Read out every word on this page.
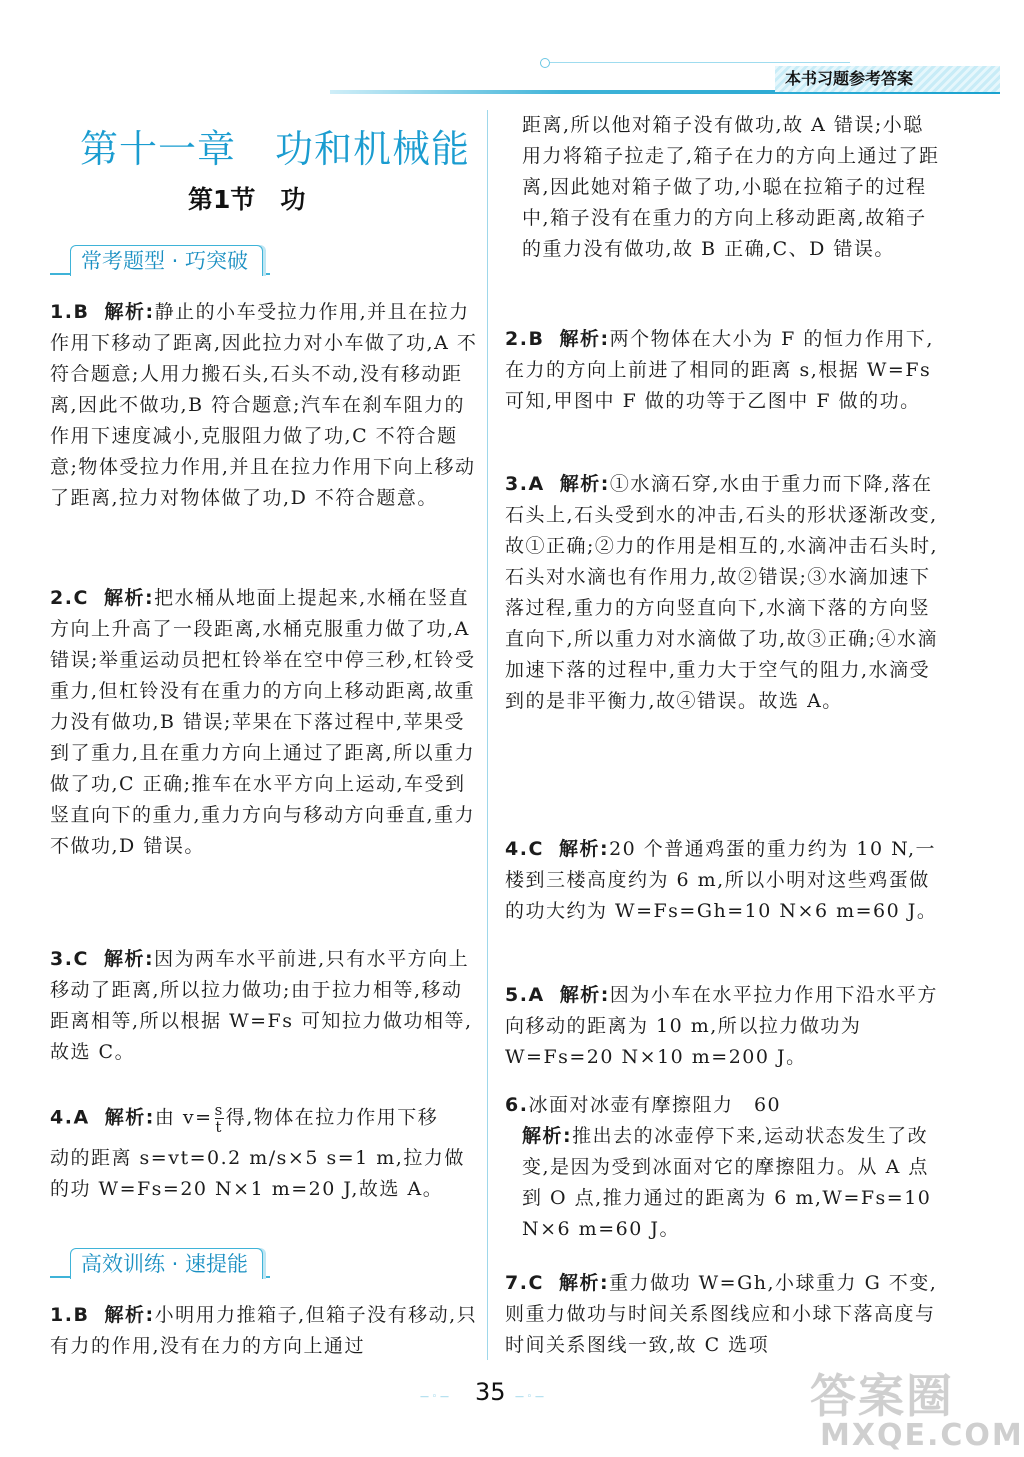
本书习题参考答案
第十一章　功和机械能
第1节　功
常考题型 · 巧突破
1.B 解析:静止的小车受拉力作用,并且在拉力作用下移动了距离,因此拉力对小车做了功,A 不符合题意;人用力搬石头,石头不动,没有移动距离,因此不做功,B 符合题意;汽车在刹车阻力的作用下速度减小,克服阻力做了功,C 不符合题意;物体受拉力作用,并且在拉力作用下向上移动了距离,拉力对物体做了功,D 不符合题意。
2.C 解析:把水桶从地面上提起来,水桶在竖直方向上升高了一段距离,水桶克服重力做了功,A 错误;举重运动员把杠铃举在空中停三秒,杠铃受重力,但杠铃没有在重力的方向上移动距离,故重力没有做功,B 错误;苹果在下落过程中,苹果受到了重力,且在重力方向上通过了距离,所以重力做了功,C 正确;推车在水平方向上运动,车受到竖直向下的重力,重力方向与移动方向垂直,重力不做功,D 错误。
3.C 解析:因为两车水平前进,只有水平方向上移动了距离,所以拉力做功;由于拉力相等,移动距离相等,所以根据 W=Fs 可知拉力做功相等,故选 C。
4.A 解析:由 $v= \frac{s}{t}$ 得,物体在拉力作用下移
动的距离 s=vt=0.2 m/s×5 s=1 m,拉力做的功 W=Fs=20 N×1 m=20 J,故选 A。
高效训练 · 速提能
1.B 解析:小明用力推箱子,但箱子没有移动,只有力的作用,没有在力的方向上通过
距离,所以他对箱子没有做功,故 A 错误;小聪用力将箱子拉走了,箱子在力的方向上通过了距离,因此她对箱子做了功,小聪在拉箱子的过程中,箱子没有在重力的方向上移动距离,故箱子的重力没有做功,故 B 正确,C、D 错误。
2.B 解析:两个物体在大小为 F 的恒力作用下,在力的方向上前进了相同的距离 s,根据 W=Fs 可知,甲图中 F 做的功等于乙图中 F 做的功。
3.A 解析:①水滴石穿,水由于重力而下降,落在石头上,石头受到水的冲击,石头的形状逐渐改变,故①正确;②力的作用是相互的,水滴冲击石头时,石头对水滴也有作用力,故②错误;③水滴加速下落过程,重力的方向竖直向下,水滴下落的方向竖直向下,所以重力对水滴做了功,故③正确;④水滴加速下落的过程中,重力大于空气的阻力,水滴受到的是非平衡力,故④错误。故选 A。
4.C 解析:20 个普通鸡蛋的重力约为 10 N,一楼到三楼高度约为 6 m,所以小明对这些鸡蛋做的功大约为 W=Fs=Gh=10 N×6 m=60 J。
5.A 解析:因为小车在水平拉力作用下沿水平方向移动的距离为 10 m,所以拉力做功为 W=Fs=20 N×10 m=200 J。
6.冰面对冰壶有摩擦阻力　60
解析:推出去的冰壶停下来,运动状态发生了改变,是因为受到冰面对它的摩擦阻力。从 A 点到 O 点,推力通过的距离为 6 m,W=Fs=10 N×6 m=60 J。
7.C 解析:重力做功 W=Gh,小球重力 G 不变,则重力做功与时间关系图线应和小球下落高度与时间关系图线一致,故 C 选项
— ◦ — 35 — ◦ —	答案圈
MXQE.COM
